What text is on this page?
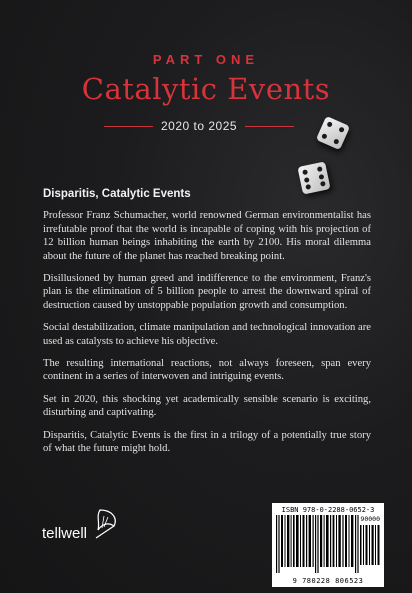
PART ONE
Catalytic Events
2020 to 2025
Disparitis, Catalytic Events

Professor Franz Schumacher, world renowned German environmentalist has irrefutable proof that the world is incapable of coping with his projection of 12 billion human beings inhabiting the earth by 2100. His moral dilemma about the future of the planet has reached breaking point.

Disillusioned by human greed and indifference to the environment, Franz's plan is the elimination of 5 billion people to arrest the downward spiral of destruction caused by unstoppable population growth and consumption.

Social destabilization, climate manipulation and technological innovation are used as catalysts to achieve his objective.

The resulting international reactions, not always foreseen, span every continent in a series of interwoven and intriguing events.

Set in 2020, this shocking yet academically sensible scenario is exciting, disturbing and captivating.

Disparitis, Catalytic Events is the first in a trilogy of a potentially true story of what the future might hold.

tellwell
ISBN 978-0-2288-0652-3
90000
9 780228 806523
